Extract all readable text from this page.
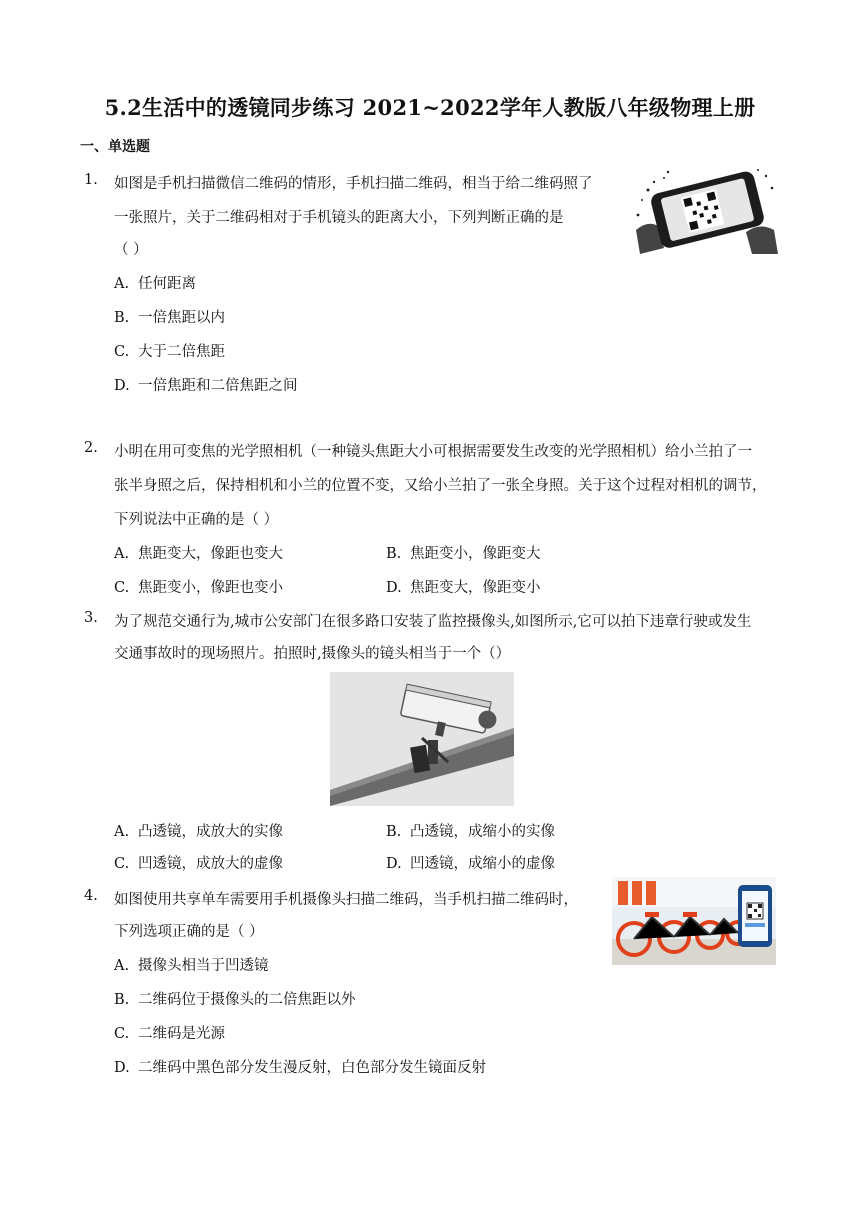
5.2生活中的透镜同步练习 2021~2022学年人教版八年级物理上册
一、单选题
1. 如图是手机扫描微信二维码的情形，手机扫描二维码，相当于给二维码照了
一张照片，关于二维码相对于手机镜头的距离大小，下列判断正确的是
（ ）
A. 任何距离
B. 一倍焦距以内
C. 大于二倍焦距
D. 一倍焦距和二倍焦距之间
2. 小明在用可变焦的光学照相机（一种镜头焦距大小可根据需要发生改变的光学照相机）给小兰拍了一
张半身照之后，保持相机和小兰的位置不变，又给小兰拍了一张全身照。关于这个过程对相机的调节，
下列说法中正确的是（ ）
A. 焦距变大，像距也变大	B. 焦距变小，像距变大
C. 焦距变小，像距也变小	D. 焦距变大，像距变小
3. 为了规范交通行为,城市公安部门在很多路口安装了监控摄像头,如图所示,它可以拍下违章行驶或发生
交通事故时的现场照片。拍照时,摄像头的镜头相当于一个（）
A. 凸透镜，成放大的实像	B. 凸透镜，成缩小的实像
C. 凹透镜，成放大的虚像	D. 凹透镜，成缩小的虚像
4. 如图使用共享单车需要用手机摄像头扫描二维码，当手机扫描二维码时，
下列选项正确的是（ ）
A. 摄像头相当于凹透镜
B. 二维码位于摄像头的二倍焦距以外
C. 二维码是光源
D. 二维码中黑色部分发生漫反射，白色部分发生镜面反射
